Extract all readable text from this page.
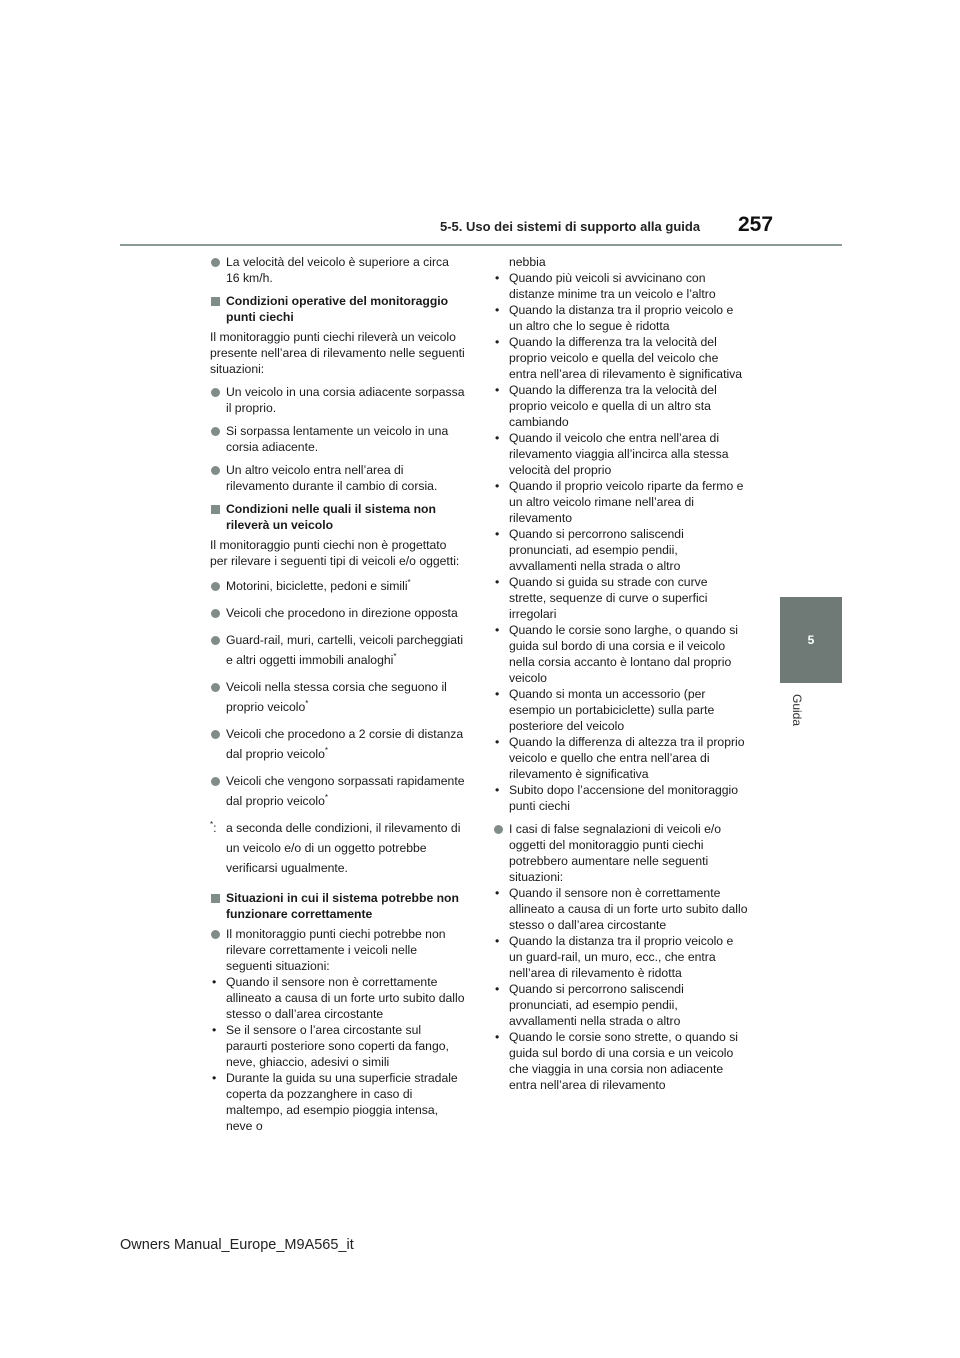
5-5. Uso dei sistemi di supporto alla guida 257
5
Guida

La velocità del veicolo è superiore a circa 16 km/h.

Condizioni operative del monitoraggio punti ciechi

Il monitoraggio punti ciechi rileverà un veicolo presente nell’area di rilevamento nelle seguenti situazioni:

Un veicolo in una corsia adiacente sorpassa il proprio.

Si sorpassa lentamente un veicolo in una corsia adiacente.

Un altro veicolo entra nell’area di rilevamento durante il cambio di corsia.

Condizioni nelle quali il sistema non rileverà un veicolo

Il monitoraggio punti ciechi non è progettato per rilevare i seguenti tipi di veicoli e/o oggetti:

Motorini, biciclette, pedoni e simili*

Veicoli che procedono in direzione opposta

Guard-rail, muri, cartelli, veicoli parcheggiati e altri oggetti immobili analoghi*

Veicoli nella stessa corsia che seguono il proprio veicolo*

Veicoli che procedono a 2 corsie di distanza dal proprio veicolo*

Veicoli che vengono sorpassati rapidamente dal proprio veicolo*

*: a seconda delle condizioni, il rilevamento di un veicolo e/o di un oggetto potrebbe verificarsi ugualmente.

Situazioni in cui il sistema potrebbe non funzionare correttamente

Il monitoraggio punti ciechi potrebbe non rilevare correttamente i veicoli nelle seguenti situazioni:

• Quando il sensore non è correttamente allineato a causa di un forte urto subito dallo stesso o dall’area circostante

• Se il sensore o l’area circostante sul paraurti posteriore sono coperti da fango, neve, ghiaccio, adesivi o simili

• Durante la guida su una superficie stradale coperta da pozzanghere in caso di maltempo, ad esempio pioggia intensa, neve o

nebbia

• Quando più veicoli si avvicinano con distanze minime tra un veicolo e l’altro

• Quando la distanza tra il proprio veicolo e un altro che lo segue è ridotta

• Quando la differenza tra la velocità del proprio veicolo e quella del veicolo che entra nell’area di rilevamento è significativa

• Quando la differenza tra la velocità del proprio veicolo e quella di un altro sta cambiando

• Quando il veicolo che entra nell’area di rilevamento viaggia all’incirca alla stessa velocità del proprio

• Quando il proprio veicolo riparte da fermo e un altro veicolo rimane nell’area di rilevamento

• Quando si percorrono saliscendi pronunciati, ad esempio pendii, avvallamenti nella strada o altro

• Quando si guida su strade con curve strette, sequenze di curve o superfici irregolari

• Quando le corsie sono larghe, o quando si guida sul bordo di una corsia e il veicolo nella corsia accanto è lontano dal proprio veicolo

• Quando si monta un accessorio (per esempio un portabiciclette) sulla parte posteriore del veicolo

• Quando la differenza di altezza tra il proprio veicolo e quello che entra nell’area di rilevamento è significativa

• Subito dopo l’accensione del monitoraggio punti ciechi

I casi di false segnalazioni di veicoli e/o oggetti del monitoraggio punti ciechi potrebbero aumentare nelle seguenti situazioni:

• Quando il sensore non è correttamente allineato a causa di un forte urto subito dallo stesso o dall’area circostante

• Quando la distanza tra il proprio veicolo e un guard-rail, un muro, ecc., che entra nell’area di rilevamento è ridotta

• Quando si percorrono saliscendi pronunciati, ad esempio pendii, avvallamenti nella strada o altro

• Quando le corsie sono strette, o quando si guida sul bordo di una corsia e un veicolo che viaggia in una corsia non adiacente entra nell’area di rilevamento

Owners Manual_Europe_M9A565_it
